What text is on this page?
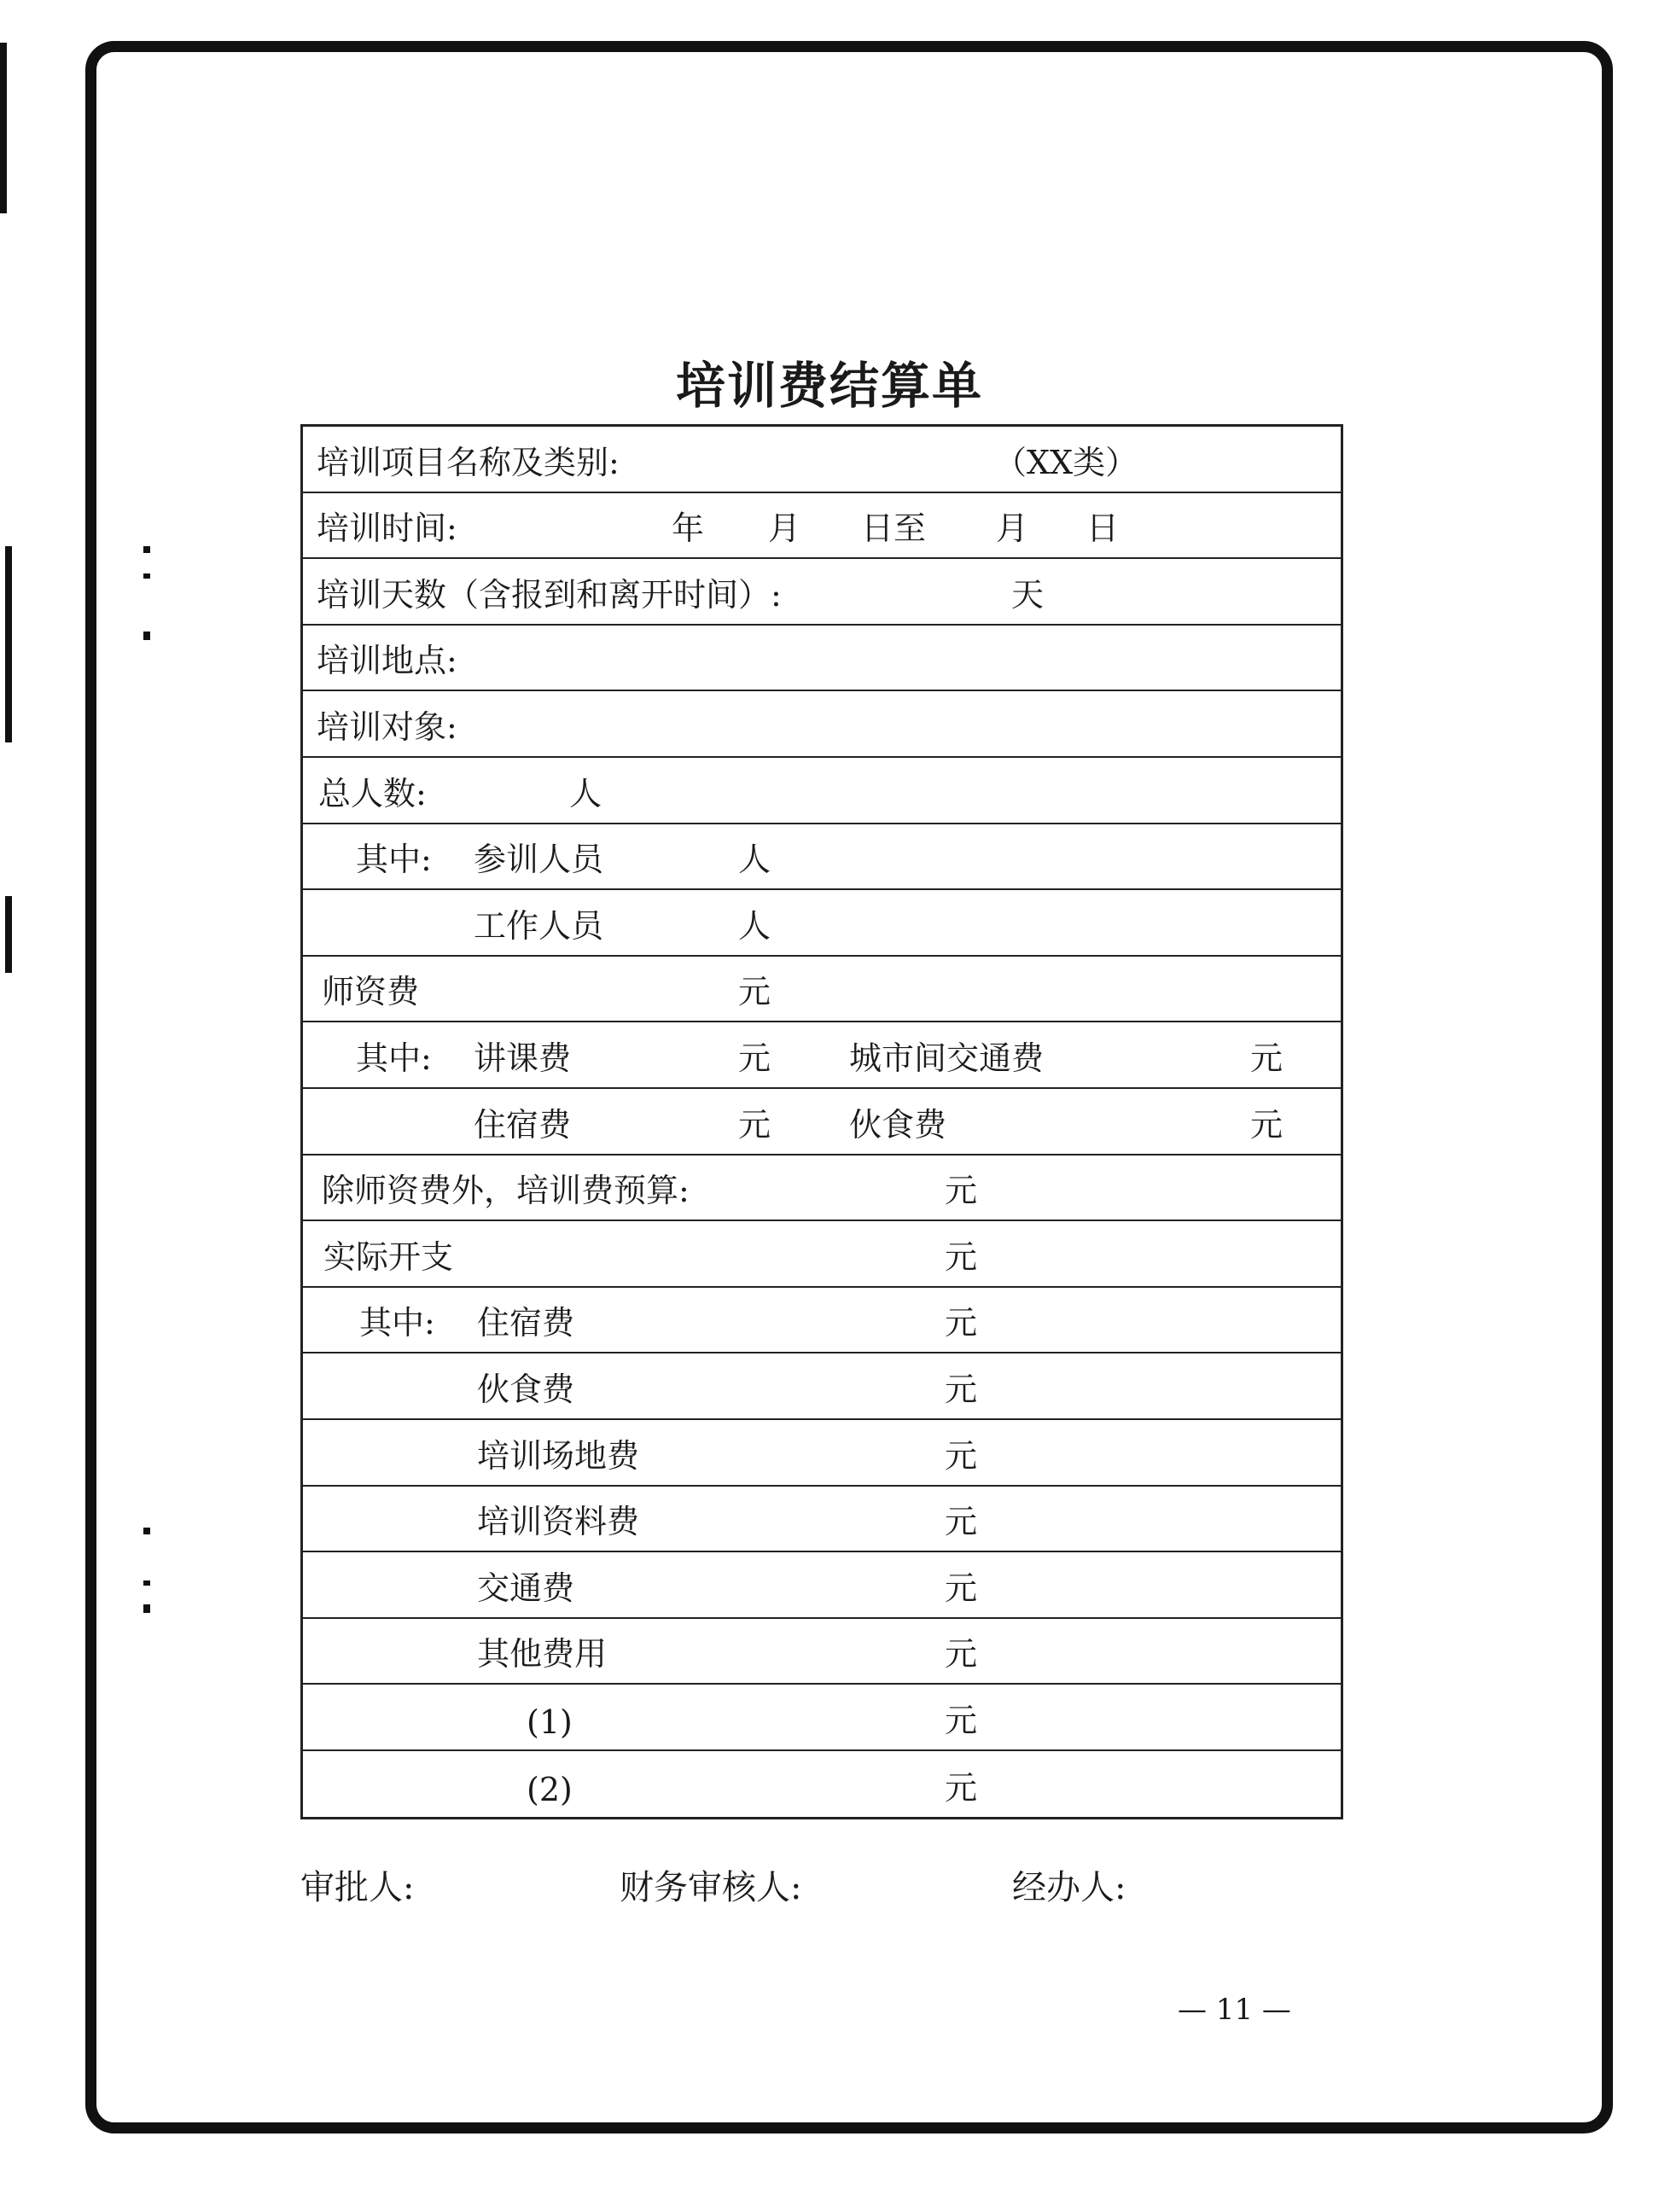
培训费结算单
培训项目名称及类别:	（XX类）
培训时间:	年 月 日至 月 日
培训天数（含报到和离开时间）:	天
培训地点:
培训对象:
总人数:	人
其中: 参训人员	人
工作人员	人
师资费	元
其中: 讲课费	元 城市间交通费	元
住宿费	元 伙食费	元
除师资费外，培训费预算:	元
实际开支	元
其中: 住宿费	元
伙食费	元
培训场地费	元
培训资料费	元
交通费	元
其他费用	元
(1)	元
(2)	元
审批人:	财务审核人:	经办人:
— 11 —
